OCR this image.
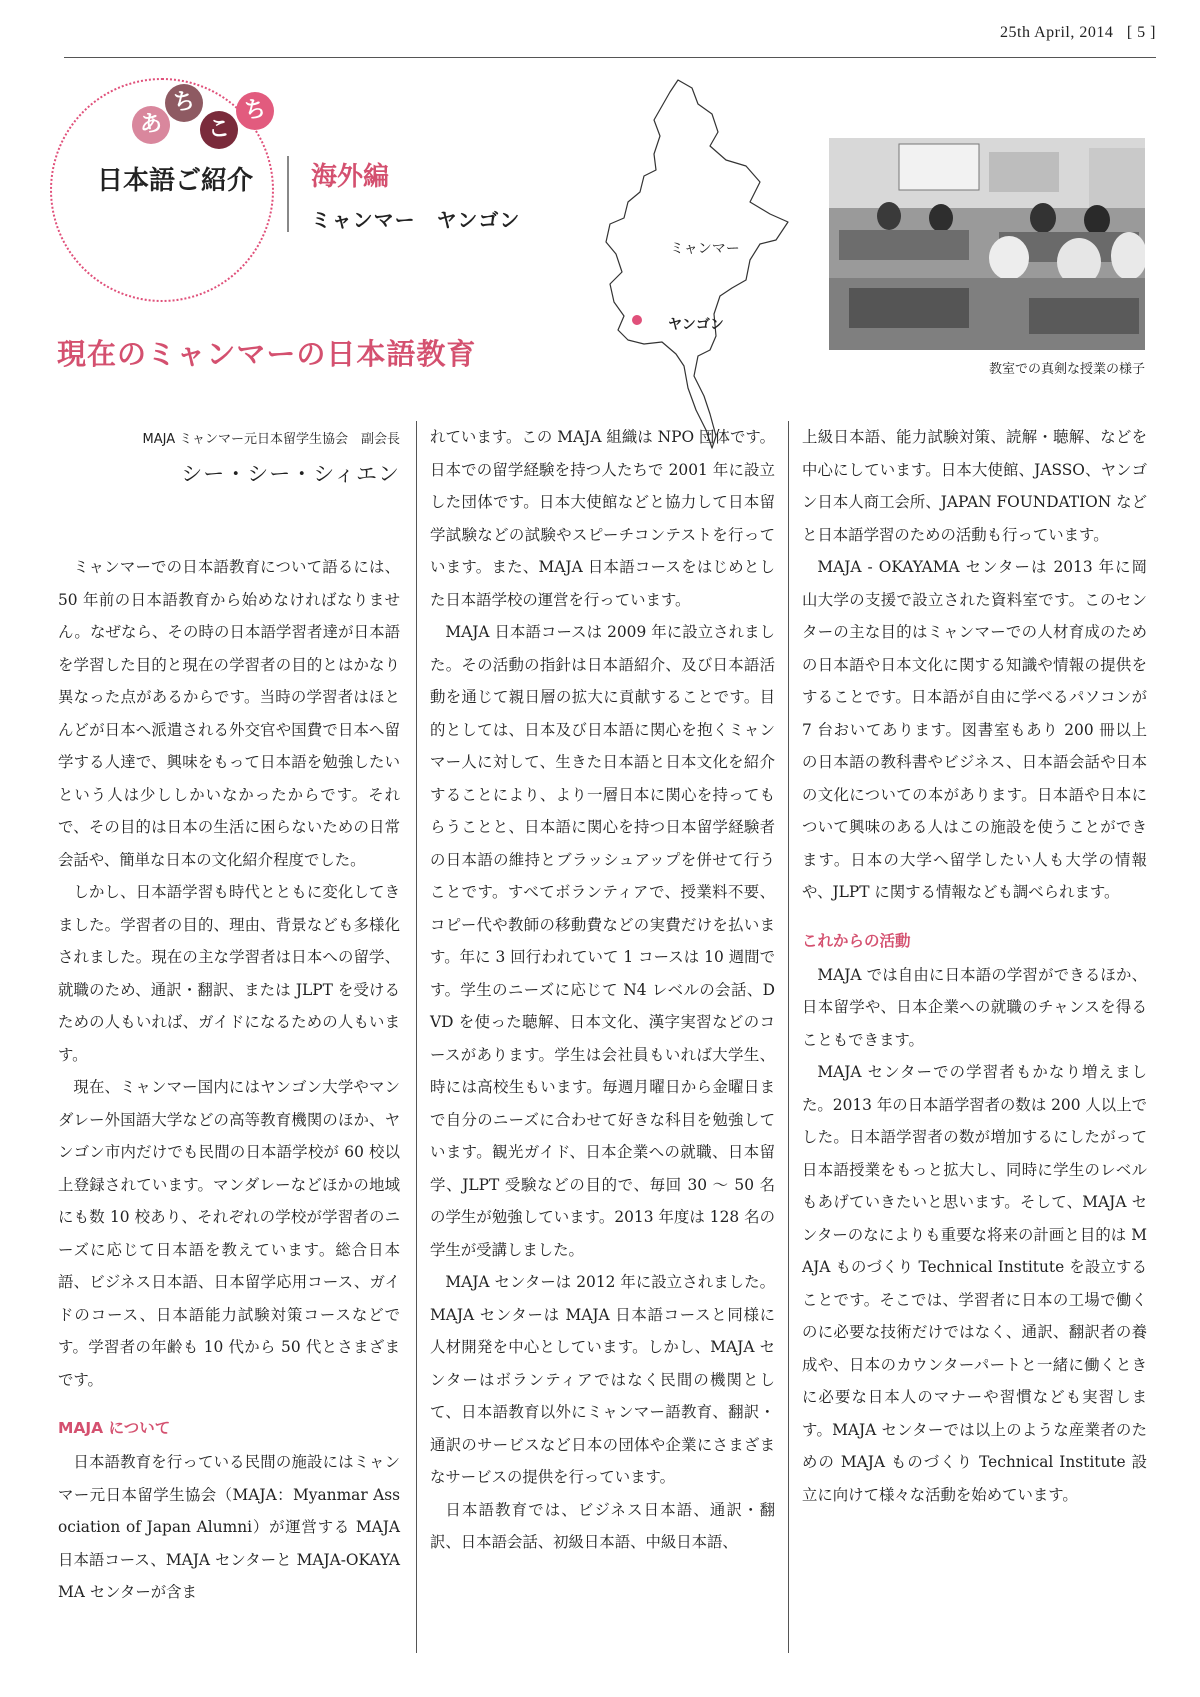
25th April, 2014 [ 5 ]
あ
ち
こ
ち
日本語ご紹介 海外編
ミャンマー　ヤンゴン
ミャンマー
ヤンゴン
教室での真剣な授業の様子
現在のミャンマーの日本語教育
MAJA ミャンマー元日本留学生協会　副会長
シー・シー・シィエン

ミャンマーでの日本語教育について語るには、50 年前の日本語教育から始めなければなりません。なぜなら、その時の日本語学習者達が日本語を学習した目的と現在の学習者の目的とはかなり異なった点があるからです。当時の学習者はほとんどが日本へ派遣される外交官や国費で日本へ留学する人達で、興味をもって日本語を勉強したいという人は少ししかいなかったからです。それで、その目的は日本の生活に困らないための日常会話や、簡単な日本の文化紹介程度でした。

しかし、日本語学習も時代とともに変化してきました。学習者の目的、理由、背景なども多様化されました。現在の主な学習者は日本への留学、就職のため、通訳・翻訳、または JLPT を受けるための人もいれば、ガイドになるための人もいます。

現在、ミャンマー国内にはヤンゴン大学やマンダレー外国語大学などの高等教育機関のほか、ヤンゴン市内だけでも民間の日本語学校が 60 校以上登録されています。マンダレーなどほかの地域にも数 10 校あり、それぞれの学校が学習者のニーズに応じて日本語を教えています。総合日本語、ビジネス日本語、日本留学応用コース、ガイドのコース、日本語能力試験対策コースなどです。学習者の年齢も 10 代から 50 代とさまざまです。

MAJA について

日本語教育を行っている民間の施設にはミャンマー元日本留学生協会（MAJA：Myanmar Association of Japan Alumni）が運営する MAJA 日本語コース、MAJA センターと MAJA-OKAYAMA センターが含ま

れています。この MAJA 組織は NPO 団体です。日本での留学経験を持つ人たちで 2001 年に設立した団体です。日本大使館などと協力して日本留学試験などの試験やスピーチコンテストを行っています。また、MAJA 日本語コースをはじめとした日本語学校の運営を行っています。

MAJA 日本語コースは 2009 年に設立されました。その活動の指針は日本語紹介、及び日本語活動を通じて親日層の拡大に貢献することです。目的としては、日本及び日本語に関心を抱くミャンマー人に対して、生きた日本語と日本文化を紹介することにより、より一層日本に関心を持ってもらうことと、日本語に関心を持つ日本留学経験者の日本語の維持とブラッシュアップを併せて行うことです。すべてボランティアで、授業料不要、コピー代や教師の移動費などの実費だけを払います。年に 3 回行われていて 1 コースは 10 週間です。学生のニーズに応じて N4 レベルの会話、DVD を使った聴解、日本文化、漢字実習などのコースがあります。学生は会社員もいれば大学生、時には高校生もいます。毎週月曜日から金曜日まで自分のニーズに合わせて好きな科目を勉強しています。観光ガイド、日本企業への就職、日本留学、JLPT 受験などの目的で、毎回 30 ～ 50 名の学生が勉強しています。2013 年度は 128 名の学生が受講しました。

MAJA センターは 2012 年に設立されました。MAJA センターは MAJA 日本語コースと同様に人材開発を中心としています。しかし、MAJA センターはボランティアではなく民間の機関として、日本語教育以外にミャンマー語教育、翻訳・通訳のサービスなど日本の団体や企業にさまざまなサービスの提供を行っています。

日本語教育では、ビジネス日本語、通訳・翻訳、日本語会話、初級日本語、中級日本語、

上級日本語、能力試験対策、読解・聴解、などを中心にしています。日本大使館、JASSO、ヤンゴン日本人商工会所、JAPAN FOUNDATION などと日本語学習のための活動も行っています。

MAJA - OKAYAMA センターは 2013 年に岡山大学の支援で設立された資料室です。このセンターの主な目的はミャンマーでの人材育成のための日本語や日本文化に関する知識や情報の提供をすることです。日本語が自由に学べるパソコンが 7 台おいてあります。図書室もあり 200 冊以上の日本語の教科書やビジネス、日本語会話や日本の文化についての本があります。日本語や日本について興味のある人はこの施設を使うことができます。日本の大学へ留学したい人も大学の情報や、JLPT に関する情報なども調べられます。

これからの活動

MAJA では自由に日本語の学習ができるほか、日本留学や、日本企業への就職のチャンスを得ることもできます。

MAJA センターでの学習者もかなり増えました。2013 年の日本語学習者の数は 200 人以上でした。日本語学習者の数が増加するにしたがって日本語授業をもっと拡大し、同時に学生のレベルもあげていきたいと思います。そして、MAJA センターのなによりも重要な将来の計画と目的は MAJA ものづくり Technical Institute を設立することです。そこでは、学習者に日本の工場で働くのに必要な技術だけではなく、通訳、翻訳者の養成や、日本のカウンターパートと一緒に働くときに必要な日本人のマナーや習慣なども実習します。MAJA センターでは以上のような産業者のための MAJA ものづくり Technical Institute 設立に向けて様々な活動を始めています。
